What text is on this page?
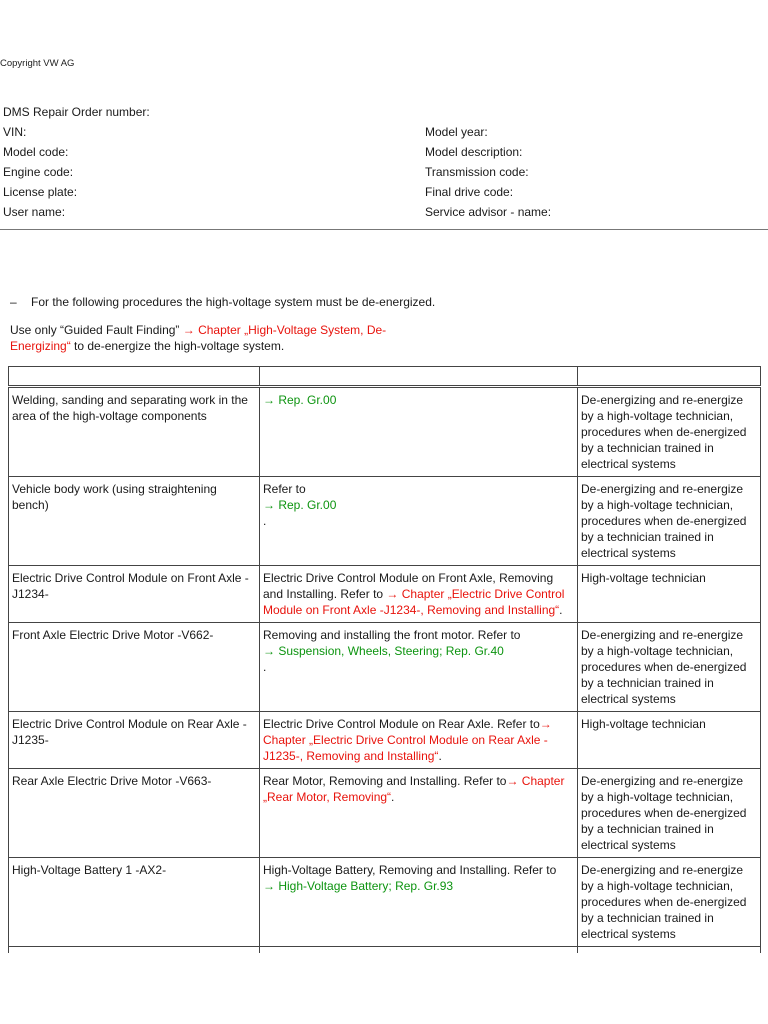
Copyright VW AG
DMS Repair Order number:
VIN:	Model year:
Model code:	Model description:
Engine code:	Transmission code:
License plate:	Final drive code:
User name:	Service advisor - name:
– For the following procedures the high-voltage system must be de-energized.
Use only “Guided Fault Finding” → Chapter „High-Voltage System, De-Energizing“ to de-energize the high-voltage system.

Welding, sanding and separating work in the area of the high-voltage components	→ Rep. Gr.00	De-energizing and re-energize by a high-voltage technician, procedures when de-energized by a technician trained in electrical systems
Vehicle body work (using straightening bench)	Refer to
→ Rep. Gr.00
.	De-energizing and re-energize by a high-voltage technician, procedures when de-energized by a technician trained in electrical systems
Electric Drive Control Module on Front Axle -J1234-	Electric Drive Control Module on Front Axle, Removing and Installing. Refer to → Chapter „Electric Drive Control Module on Front Axle -J1234-, Removing and Installing“.	High-voltage technician
Front Axle Electric Drive Motor -V662-	Removing and installing the front motor. Refer to
→ Suspension, Wheels, Steering; Rep. Gr.40
.	De-energizing and re-energize by a high-voltage technician, procedures when de-energized by a technician trained in electrical systems
Electric Drive Control Module on Rear Axle -J1235-	Electric Drive Control Module on Rear Axle. Refer to→ Chapter „Electric Drive Control Module on Rear Axle -J1235-, Removing and Installing“.	High-voltage technician
Rear Axle Electric Drive Motor -V663-	Rear Motor, Removing and Installing. Refer to→ Chapter „Rear Motor, Removing“.	De-energizing and re-energize by a high-voltage technician, procedures when de-energized by a technician trained in electrical systems
High-Voltage Battery 1 -AX2-	High-Voltage Battery, Removing and Installing. Refer to
→ High-Voltage Battery; Rep. Gr.93	De-energizing and re-energize by a high-voltage technician, procedures when de-energized by a technician trained in electrical systems
